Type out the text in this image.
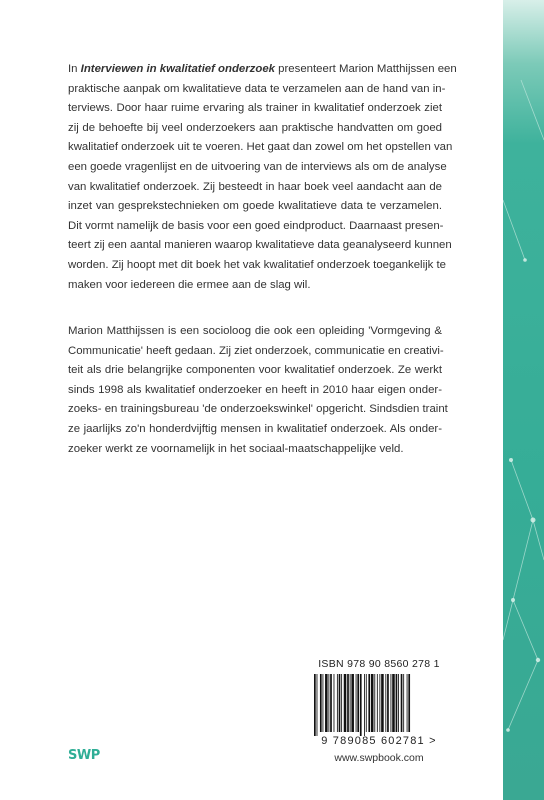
In Interviewen in kwalitatief onderzoek presenteert Marion Matthijssen een
praktische aanpak om kwalitatieve data te verzamelen aan de hand van in-
terviews. Door haar ruime ervaring als trainer in kwalitatief onderzoek ziet
zij de behoefte bij veel onderzoekers aan praktische handvatten om goed
kwalitatief onderzoek uit te voeren. Het gaat dan zowel om het opstellen van
een goede vragenlijst en de uitvoering van de interviews als om de analyse
van kwalitatief onderzoek. Zij besteedt in haar boek veel aandacht aan de
inzet van gesprekstechnieken om goede kwalitatieve data te verzamelen.
Dit vormt namelijk de basis voor een goed eindproduct. Daarnaast presen-
teert zij een aantal manieren waarop kwalitatieve data geanalyseerd kunnen
worden. Zij hoopt met dit boek het vak kwalitatief onderzoek toegankelijk te
maken voor iedereen die ermee aan de slag wil.

Marion Matthijssen is een socioloog die ook een opleiding 'Vormgeving &
Communicatie' heeft gedaan. Zij ziet onderzoek, communicatie en creativi-
teit als drie belangrijke componenten voor kwalitatief onderzoek. Ze werkt
sinds 1998 als kwalitatief onderzoeker en heeft in 2010 haar eigen onder-
zoeks- en trainingsbureau 'de onderzoekswinkel' opgericht. Sindsdien traint
ze jaarlijks zo'n honderdvijftig mensen in kwalitatief onderzoek. Als onder-
zoeker werkt ze voornamelijk in het sociaal-maatschappelijke veld.

SWP
ISBN 978 90 8560 278 1
9 789085 602781 >
www.swpbook.com
